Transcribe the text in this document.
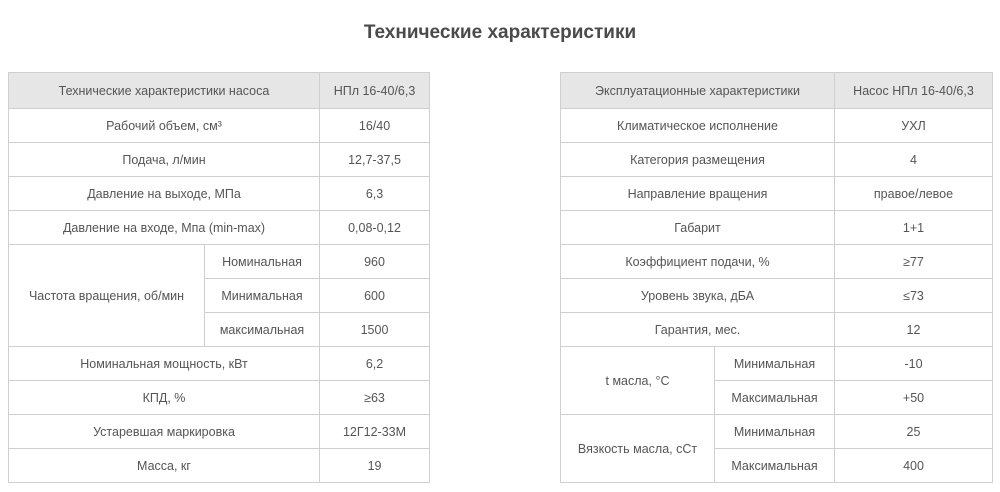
Технические характеристики
Технические характеристики насоса		НПл 16-40/6,3
Рабочий объем, см³		16/40
Подача, л/мин		12,7-37,5
Давление на выходе, МПа		6,3
Давление на входе, Мпа (min-max)		0,08-0,12
Частота вращения, об/мин	Номинальная	960
	Минимальная	600
	максимальная	1500
Номинальная мощность, кВт		6,2
КПД, %		≥63
Устаревшая маркировка		12Г12-33М
Масса, кг		19
Эксплуатационные характеристики		Насос НПл 16-40/6,3
Климатическое исполнение		УХЛ
Категория размещения		4
Направление вращения		правое/левое
Габарит		1+1
Коэффициент подачи, %		≥77
Уровень звука, дБА		≤73
Гарантия, мес.		12
t масла, °С	Минимальная	-10
	Максимальная	+50
Вязкость масла, сСт	Минимальная	25
	Максимальная	400
